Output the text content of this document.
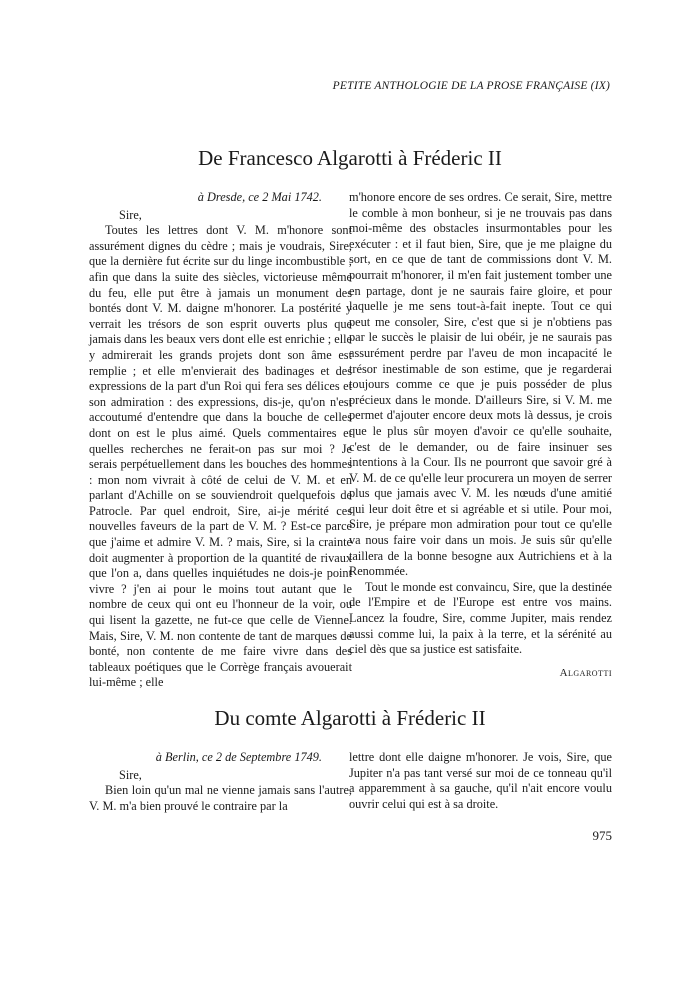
PETITE ANTHOLOGIE DE LA PROSE FRANÇAISE (IX)
De Francesco Algarotti à Fréderic II
à Dresde, ce 2 Mai 1742.
Sire,

Toutes les lettres dont V. M. m'honore sont assurément dignes du cèdre ; mais je voudrais, Sire, que la dernière fut écrite sur du linge incombustible ; afin que dans la suite des siècles, victorieuse même du feu, elle put être à jamais un monument des bontés dont V. M. daigne m'honorer. La postérité y verrait les trésors de son esprit ouverts plus que jamais dans les beaux vers dont elle est enrichie ; elle y admirerait les grands projets dont son âme est remplie ; et elle m'envierait des badinages et des expressions de la part d'un Roi qui fera ses délices et son admiration : des expressions, dis-je, qu'on n'est accoutumé d'entendre que dans la bouche de celles dont on est le plus aimé. Quels commentaires et quelles recherches ne ferait-on pas sur moi ? Je serais perpétuellement dans les bouches des hommes : mon nom vivrait à côté de celui de V. M. et en parlant d'Achille on se souviendroit quelquefois de Patrocle. Par quel endroit, Sire, ai-je mérité ces nouvelles faveurs de la part de V. M. ? Est-ce parce que j'aime et admire V. M. ? mais, Sire, si la crainte doit augmenter à proportion de la quantité de rivaux que l'on a, dans quelles inquiétudes ne dois-je point vivre ? j'en ai pour le moins tout autant que le nombre de ceux qui ont eu l'honneur de la voir, ou qui lisent la gazette, ne fut-ce que celle de Vienne. Mais, Sire, V. M. non contente de tant de marques de bonté, non contente de me faire vivre dans des tableaux poétiques que le Corrège français avouerait lui-même ; elle

m'honore encore de ses ordres. Ce serait, Sire, mettre le comble à mon bonheur, si je ne trouvais pas dans moi-même des obstacles insurmontables pour les exécuter : et il faut bien, Sire, que je me plaigne du sort, en ce que de tant de commissions dont V. M. pourrait m'honorer, il m'en fait justement tomber une en partage, dont je ne saurais faire gloire, et pour laquelle je me sens tout-à-fait inepte. Tout ce qui peut me consoler, Sire, c'est que si je n'obtiens pas par le succès le plaisir de lui obéir, je ne saurais pas assurément perdre par l'aveu de mon incapacité le trésor inestimable de son estime, que je regarderai toujours comme ce que je puis posséder de plus précieux dans le monde. D'ailleurs Sire, si V. M. me permet d'ajouter encore deux mots là dessus, je crois que le plus sûr moyen d'avoir ce qu'elle souhaite, c'est de le demander, ou de faire insinuer ses intentions à la Cour. Ils ne pourront que savoir gré à V. M. de ce qu'elle leur procurera un moyen de serrer plus que jamais avec V. M. les nœuds d'une amitié qui leur doit être et si agréable et si utile. Pour moi, Sire, je prépare mon admiration pour tout ce qu'elle va nous faire voir dans un mois. Je suis sûr qu'elle taillera de la bonne besogne aux Autrichiens et à la Renommée.

Tout le monde est convaincu, Sire, que la destinée de l'Empire et de l'Europe est entre vos mains. Lancez la foudre, Sire, comme Jupiter, mais rendez aussi comme lui, la paix à la terre, et la sérénité au ciel dès que sa justice est satisfaite.

Algarotti

Du comte Algarotti à Fréderic II
à Berlin, ce 2 de Septembre 1749.
Sire,

Bien loin qu'un mal ne vienne jamais sans l'autre, V. M. m'a bien prouvé le contraire par la

lettre dont elle daigne m'honorer. Je vois, Sire, que Jupiter n'a pas tant versé sur moi de ce tonneau qu'il a apparemment à sa gauche, qu'il n'ait encore voulu ouvrir celui qui est à sa droite.

975
